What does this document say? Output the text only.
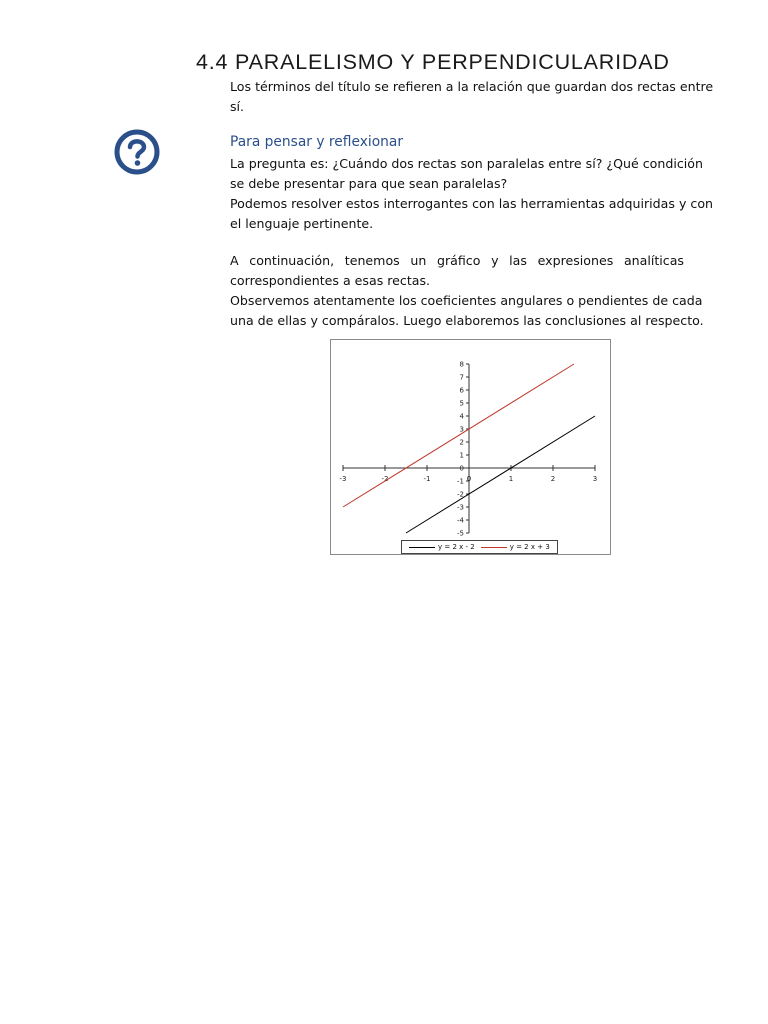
4.4 PARALELISMO Y PERPENDICULARIDAD

Los términos del título se refieren a la relación que guardan dos rectas entre sí.

Para pensar y reflexionar

La pregunta es: ¿Cuándo dos rectas son paralelas entre sí? ¿Qué condición se debe presentar para que sean paralelas?

Podemos resolver estos interrogantes con las herramientas adquiridas y con el lenguaje pertinente.

A continuación, tenemos un gráfico y las expresiones analíticas

correspondientes a esas rectas.

Observemos atentamente los coeficientes angulares o pendientes de cada una de ellas y compáralos. Luego elaboremos las conclusiones al respecto.

-3	-2	-1	0	1	2	3
-5
-4
-3
-2
-1
0
1
2
3
4
5
6
7
8
y = 2 x - 2	y = 2 x + 3
